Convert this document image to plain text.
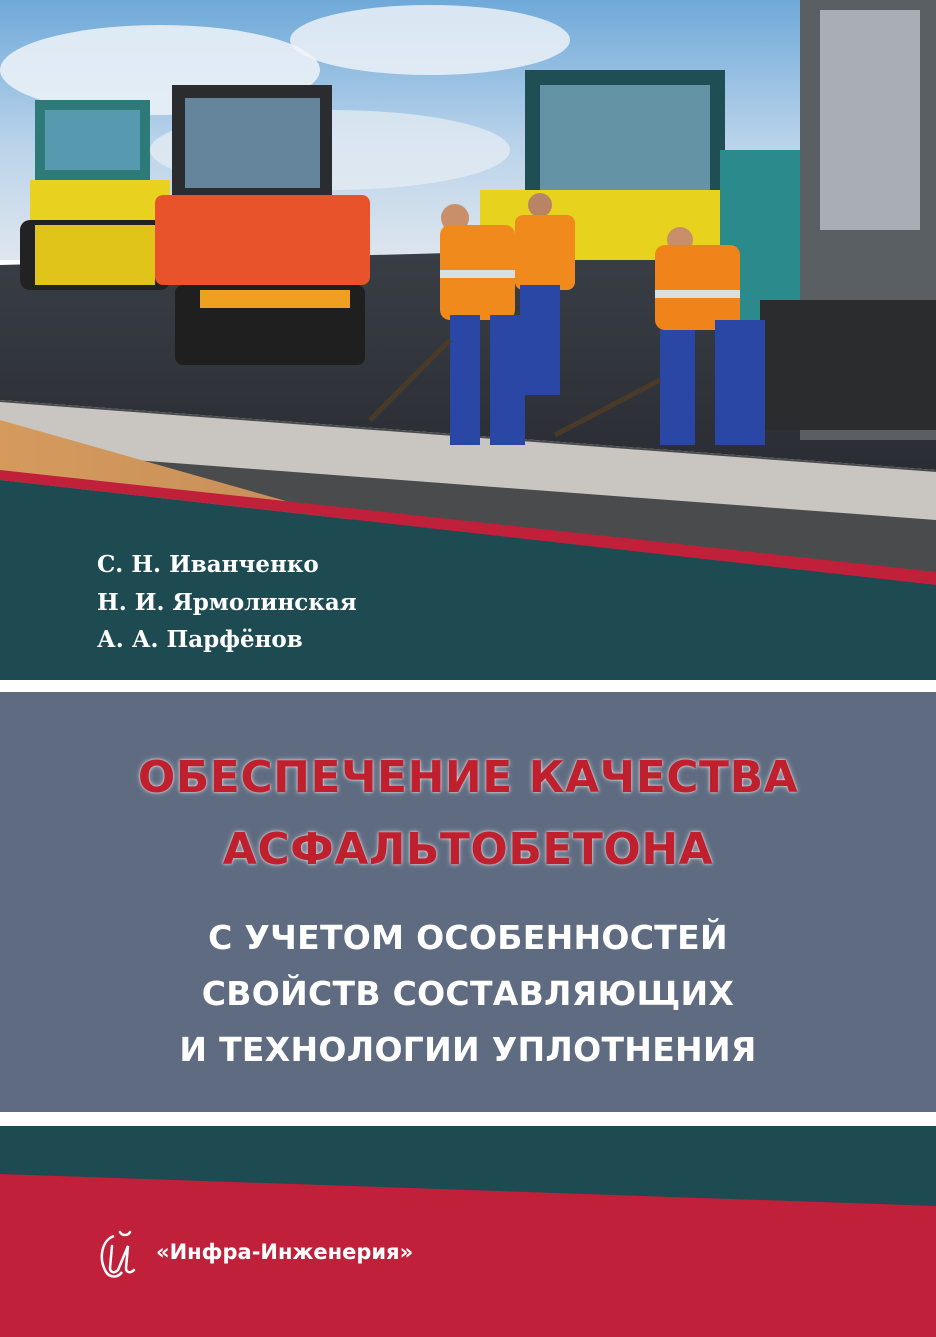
С. Н. Иванченко
Н. И. Ярмолинская
А. А. Парфёнов
ОБЕСПЕЧЕНИЕ КАЧЕСТВА
АСФАЛЬТОБЕТОНА
С УЧЕТОМ ОСОБЕННОСТЕЙ
СВОЙСТВ СОСТАВЛЯЮЩИХ
И ТЕХНОЛОГИИ УПЛОТНЕНИЯ
«Инфра-Инженерия»
